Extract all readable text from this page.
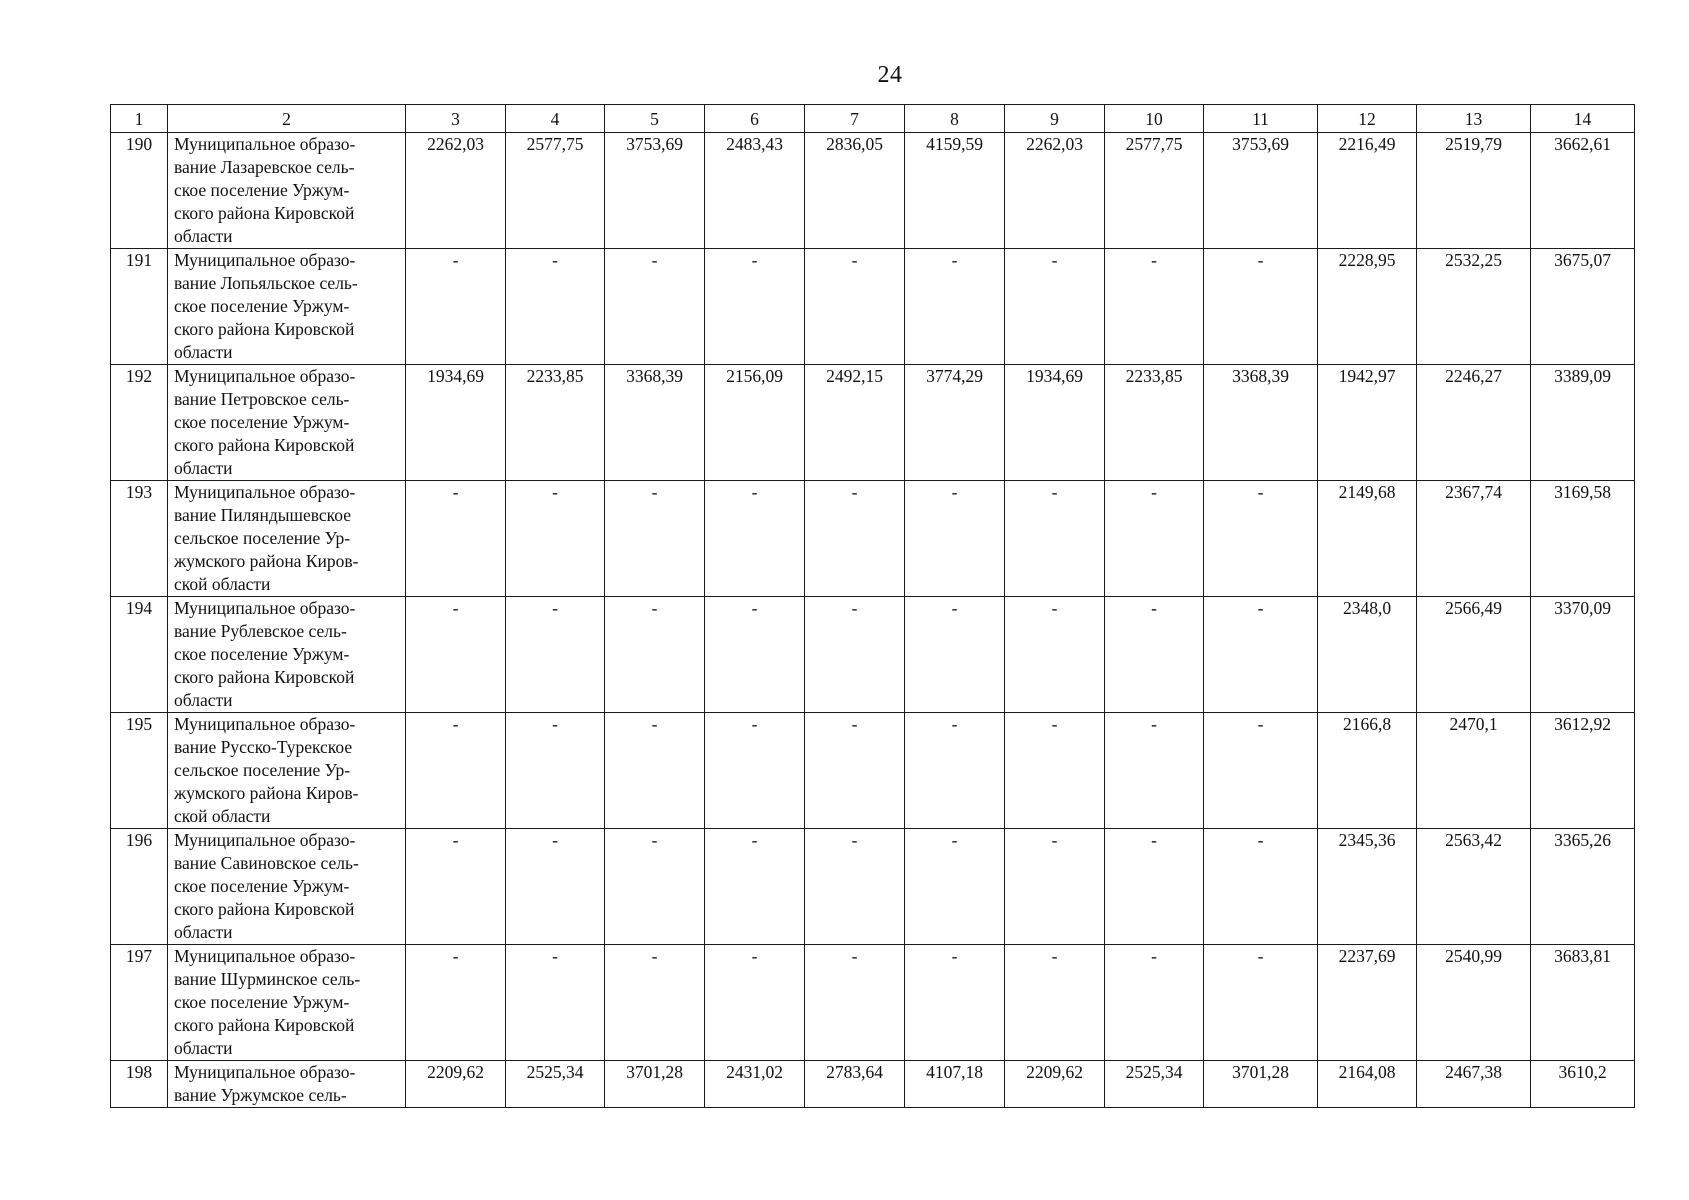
24
1	2	3	4	5	6	7	8	9	10	11	12	13	14
190	Муниципальное образо-
вание Лазаревское сель-
ское поселение Уржум-
ского района Кировской
области	2262,03	2577,75	3753,69	2483,43	2836,05	4159,59	2262,03	2577,75	3753,69	2216,49	2519,79	3662,61
191	Муниципальное образо-
вание Лопьяльское сель-
ское поселение Уржум-
ского района Кировской
области	-	-	-	-	-	-	-	-	-	2228,95	2532,25	3675,07
192	Муниципальное образо-
вание Петровское сель-
ское поселение Уржум-
ского района Кировской
области	1934,69	2233,85	3368,39	2156,09	2492,15	3774,29	1934,69	2233,85	3368,39	1942,97	2246,27	3389,09
193	Муниципальное образо-
вание Пиляндышевское
сельское поселение Ур-
жумского района Киров-
ской области	-	-	-	-	-	-	-	-	-	2149,68	2367,74	3169,58
194	Муниципальное образо-
вание Рублевское сель-
ское поселение Уржум-
ского района Кировской
области	-	-	-	-	-	-	-	-	-	2348,0	2566,49	3370,09
195	Муниципальное образо-
вание Русско-Турекское
сельское поселение Ур-
жумского района Киров-
ской области	-	-	-	-	-	-	-	-	-	2166,8	2470,1	3612,92
196	Муниципальное образо-
вание Савиновское сель-
ское поселение Уржум-
ского района Кировской
области	-	-	-	-	-	-	-	-	-	2345,36	2563,42	3365,26
197	Муниципальное образо-
вание Шурминское сель-
ское поселение Уржум-
ского района Кировской
области	-	-	-	-	-	-	-	-	-	2237,69	2540,99	3683,81
198	Муниципальное образо-
вание Уржумское сель-	2209,62	2525,34	3701,28	2431,02	2783,64	4107,18	2209,62	2525,34	3701,28	2164,08	2467,38	3610,2
